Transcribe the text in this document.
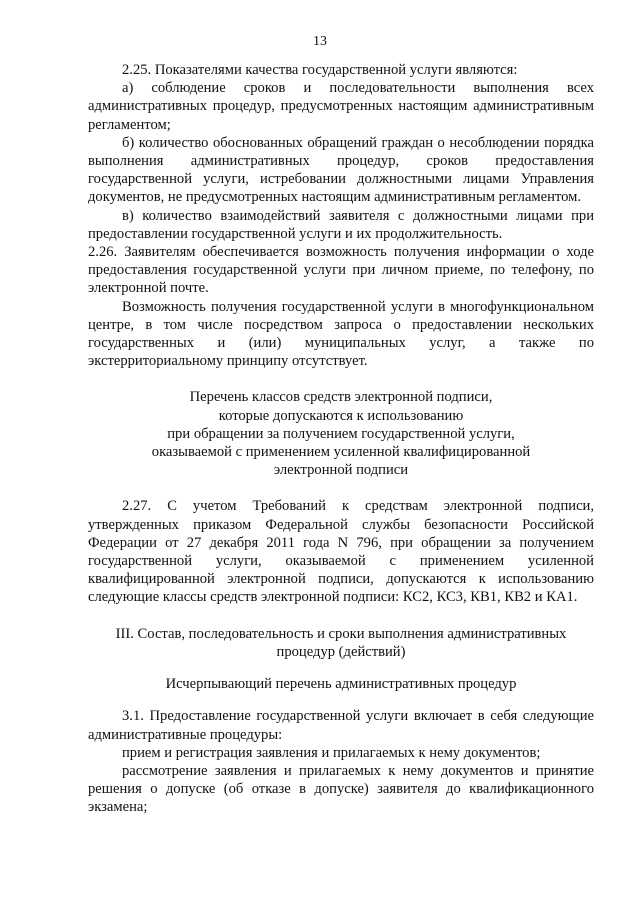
13

2.25. Показателями качества государственной услуги являются:

а) соблюдение сроков и последовательности выполнения всех административных процедур, предусмотренных настоящим административным регламентом;

б) количество обоснованных обращений граждан о несоблюдении порядка выполнения административных процедур, сроков предоставления государственной услуги, истребовании должностными лицами Управления документов, не предусмотренных настоящим административным регламентом.

в) количество взаимодействий заявителя с должностными лицами при предоставлении государственной услуги и их продолжительность.

2.26. Заявителям обеспечивается возможность получения информации о ходе предоставления государственной услуги при личном приеме, по телефону, по электронной почте.

Возможность получения государственной услуги в многофункциональном центре, в том числе посредством запроса о предоставлении нескольких государственных и (или) муниципальных услуг, а также по экстерриториальному принципу отсутствует.

Перечень классов средств электронной подписи,
которые допускаются к использованию
при обращении за получением государственной услуги,
оказываемой с применением усиленной квалифицированной
электронной подписи

2.27. С учетом Требований к средствам электронной подписи, утвержденных приказом Федеральной службы безопасности Российской Федерации от 27 декабря 2011 года N 796, при обращении за получением государственной услуги, оказываемой с применением усиленной квалифицированной электронной подписи, допускаются к использованию следующие классы средств электронной подписи: КС2, КС3, КВ1, КВ2 и КА1.

III. Состав, последовательность и сроки выполнения административных
процедур (действий)
Исчерпывающий перечень административных процедур

3.1. Предоставление государственной услуги включает в себя следующие административные процедуры:

прием и регистрация заявления и прилагаемых к нему документов;

рассмотрение заявления и прилагаемых к нему документов и принятие решения о допуске (об отказе в допуске) заявителя до квалификационного экзамена;
